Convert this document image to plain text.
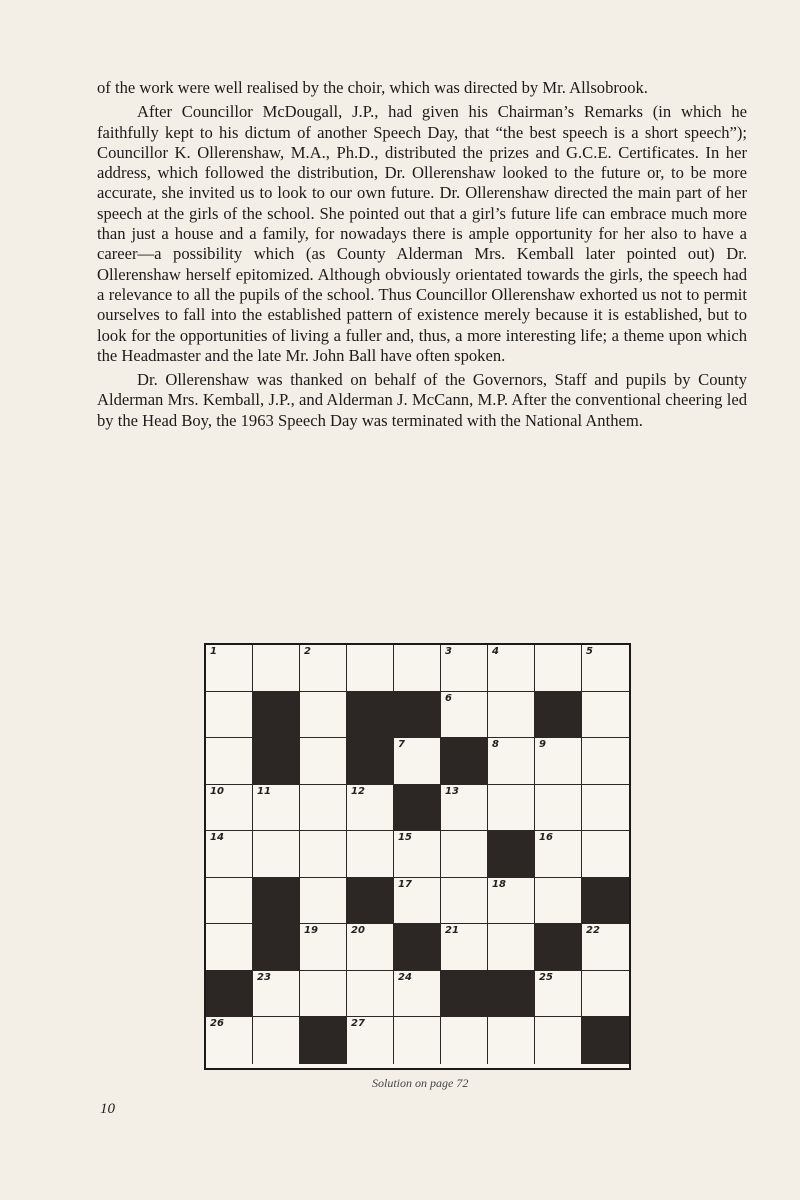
of the work were well realised by the choir, which was directed by Mr. Allsobrook.

After Councillor McDougall, J.P., had given his Chairman’s Remarks (in which he faithfully kept to his dictum of another Speech Day, that “the best speech is a short speech”); Councillor K. Ollerenshaw, M.A., Ph.D., distributed the prizes and G.C.E. Certificates. In her address, which followed the distribution, Dr. Ollerenshaw looked to the future or, to be more accurate, she invited us to look to our own future. Dr. Ollerenshaw directed the main part of her speech at the girls of the school. She pointed out that a girl’s future life can embrace much more than just a house and a family, for nowadays there is ample opportunity for her also to have a career—a possibility which (as County Alderman Mrs. Kemball later pointed out) Dr. Ollerenshaw herself epitomized. Although obviously orientated towards the girls, the speech had a relevance to all the pupils of the school. Thus Councillor Ollerenshaw exhorted us not to permit ourselves to fall into the established pattern of existence merely because it is established, but to look for the opportunities of living a fuller and, thus, a more interesting life; a theme upon which the Headmaster and the late Mr. John Ball have often spoken.

Dr. Ollerenshaw was thanked on behalf of the Governors, Staff and pupils by County Alderman Mrs. Kemball, J.P., and Alderman J. McCann, M.P. After the conventional cheering led by the Head Boy, the 1963 Speech Day was terminated with the National Anthem.

1	2	3	4	5
6
7	8	9
10	11	12	13
14	15	16
17	18
19	20	21	22
23	24	25
26	27
Solution on page 72
10
